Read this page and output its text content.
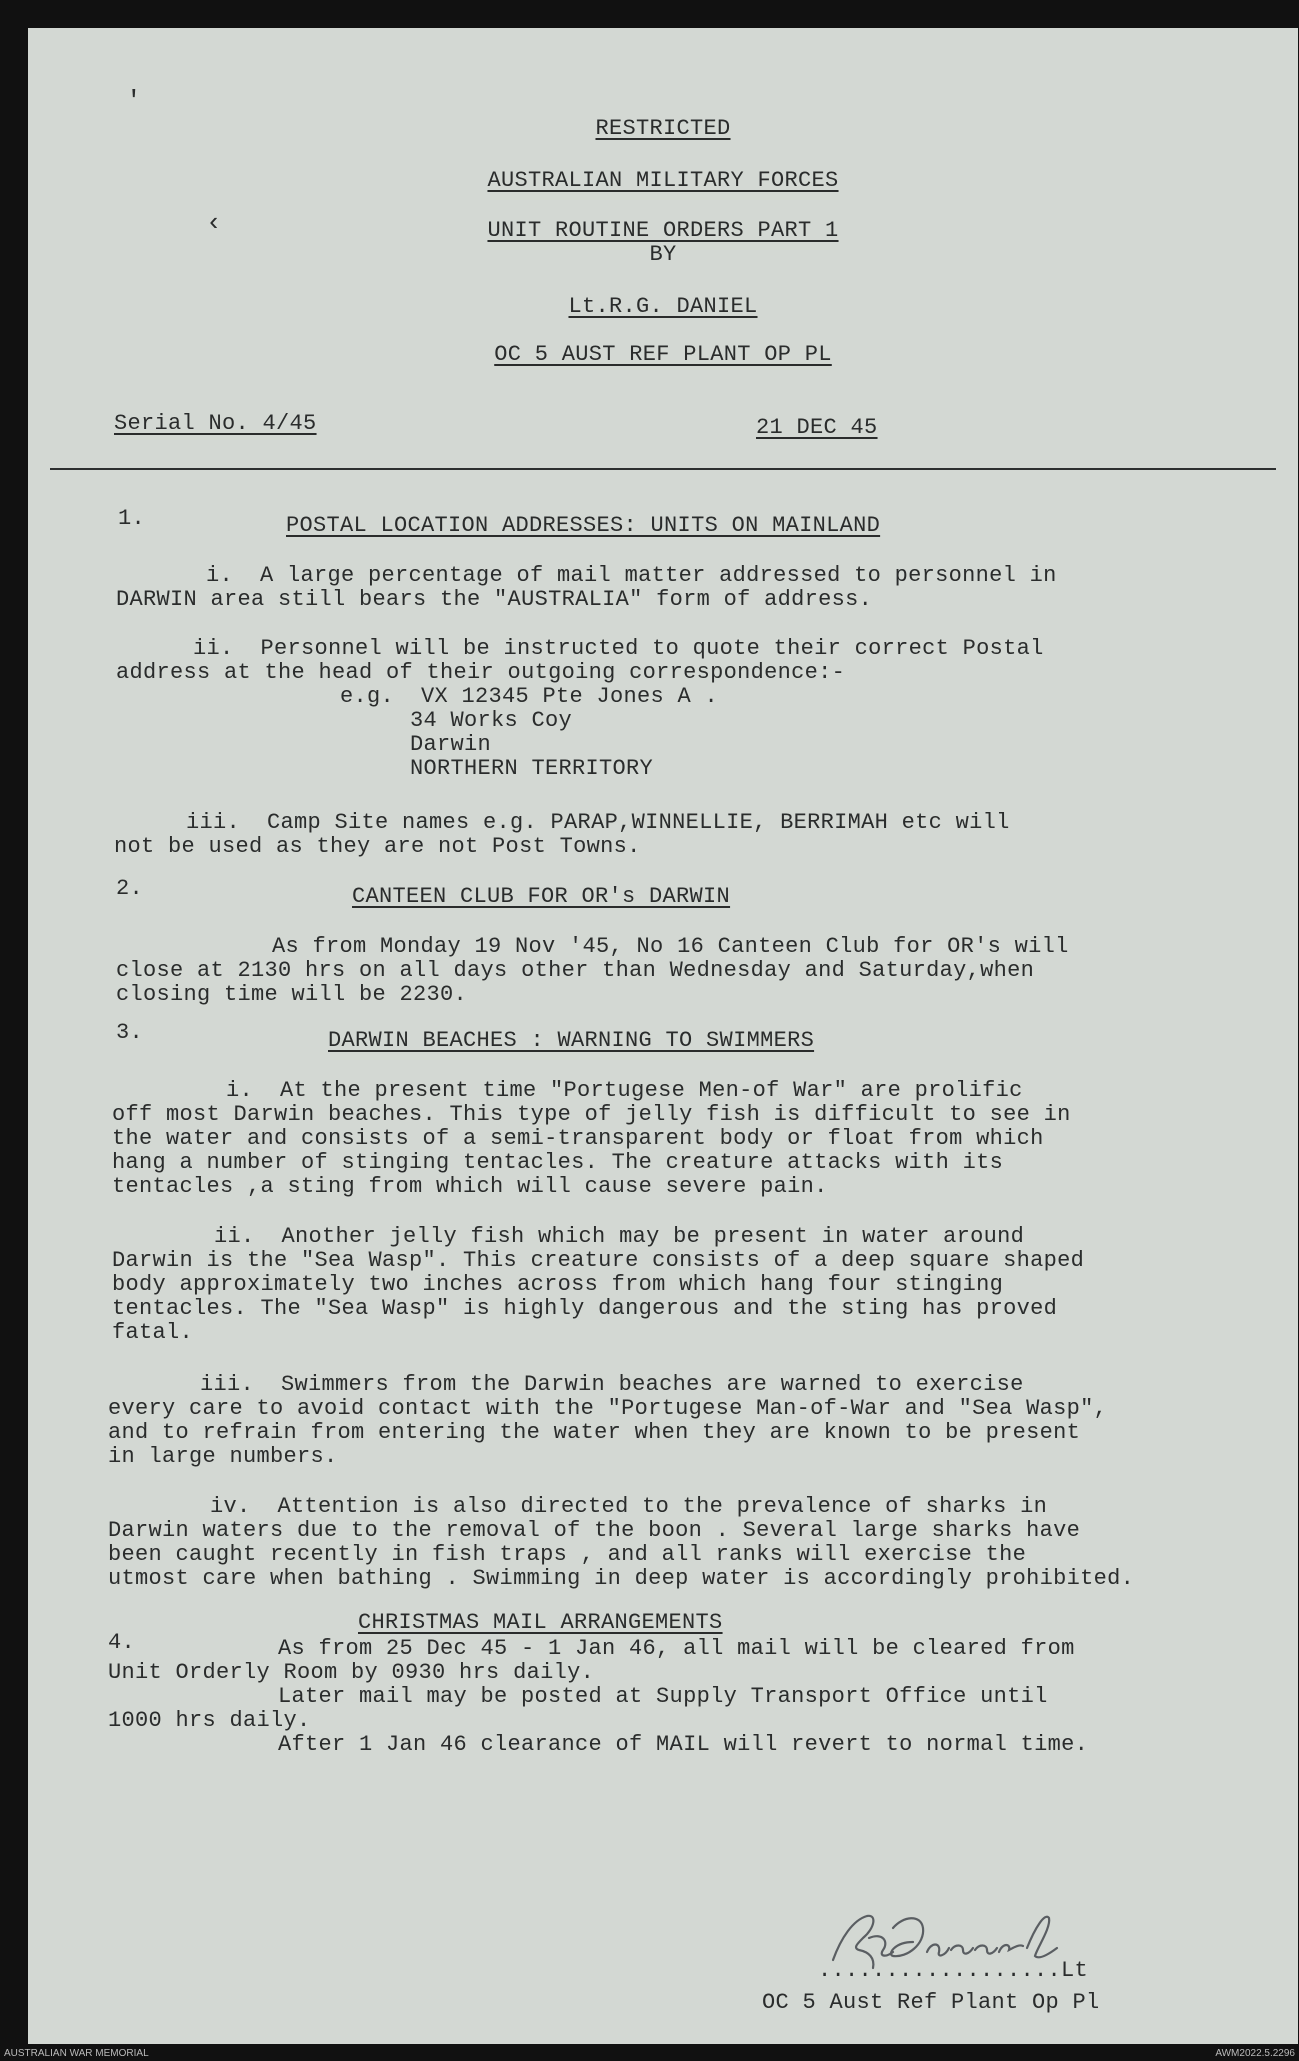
'
‹
RESTRICTED
AUSTRALIAN MILITARY FORCES
UNIT ROUTINE ORDERS PART 1
BY
Lt.R.G. DANIEL
OC 5 AUST REF PLANT OP PL
Serial No. 4/45	21 DEC 45
1.	POSTAL LOCATION ADDRESSES: UNITS ON MAINLAND
i.  A large percentage of mail matter addressed to personnel in
DARWIN area still bears the "AUSTRALIA" form of address.
ii.  Personnel will be instructed to quote their correct Postal
address at the head of their outgoing correspondence:-
e.g.  VX 12345 Pte Jones A .
34 Works Coy
Darwin
NORTHERN TERRITORY
iii.  Camp Site names e.g. PARAP,WINNELLIE, BERRIMAH etc will
not be used as they are not Post Towns.
2.	CANTEEN CLUB FOR OR's DARWIN
As from Monday 19 Nov '45, No 16 Canteen Club for OR's will
close at 2130 hrs on all days other than Wednesday and Saturday,when
closing time will be 2230.
3.	DARWIN BEACHES : WARNING TO SWIMMERS
i.  At the present time "Portugese Men-of War" are prolific
off most Darwin beaches. This type of jelly fish is difficult to see in
the water and consists of a semi-transparent body or float from which
hang a number of stinging tentacles. The creature attacks with its
tentacles ,a sting from which will cause severe pain.
ii.  Another jelly fish which may be present in water around
Darwin is the "Sea Wasp". This creature consists of a deep square shaped
body approximately two inches across from which hang four stinging
tentacles. The "Sea Wasp" is highly dangerous and the sting has proved
fatal.
iii.  Swimmers from the Darwin beaches are warned to exercise
every care to avoid contact with the "Portugese Man-of-War and "Sea Wasp",
and to refrain from entering the water when they are known to be present
in large numbers.
iv.  Attention is also directed to the prevalence of sharks in
Darwin waters due to the removal of the boon . Several large sharks have
been caught recently in fish traps , and all ranks will exercise the
utmost care when bathing . Swimming in deep water is accordingly prohibited.
CHRISTMAS MAIL ARRANGEMENTS
4.	As from 25 Dec 45 - 1 Jan 46, all mail will be cleared from
Unit Orderly Room by 0930 hrs daily.
Later mail may be posted at Supply Transport Office until
1000 hrs daily.
After 1 Jan 46 clearance of MAIL will revert to normal time.
..................Lt
OC 5 Aust Ref Plant Op Pl
AUSTRALIAN WAR MEMORIAL	AWM2022.5.2296
